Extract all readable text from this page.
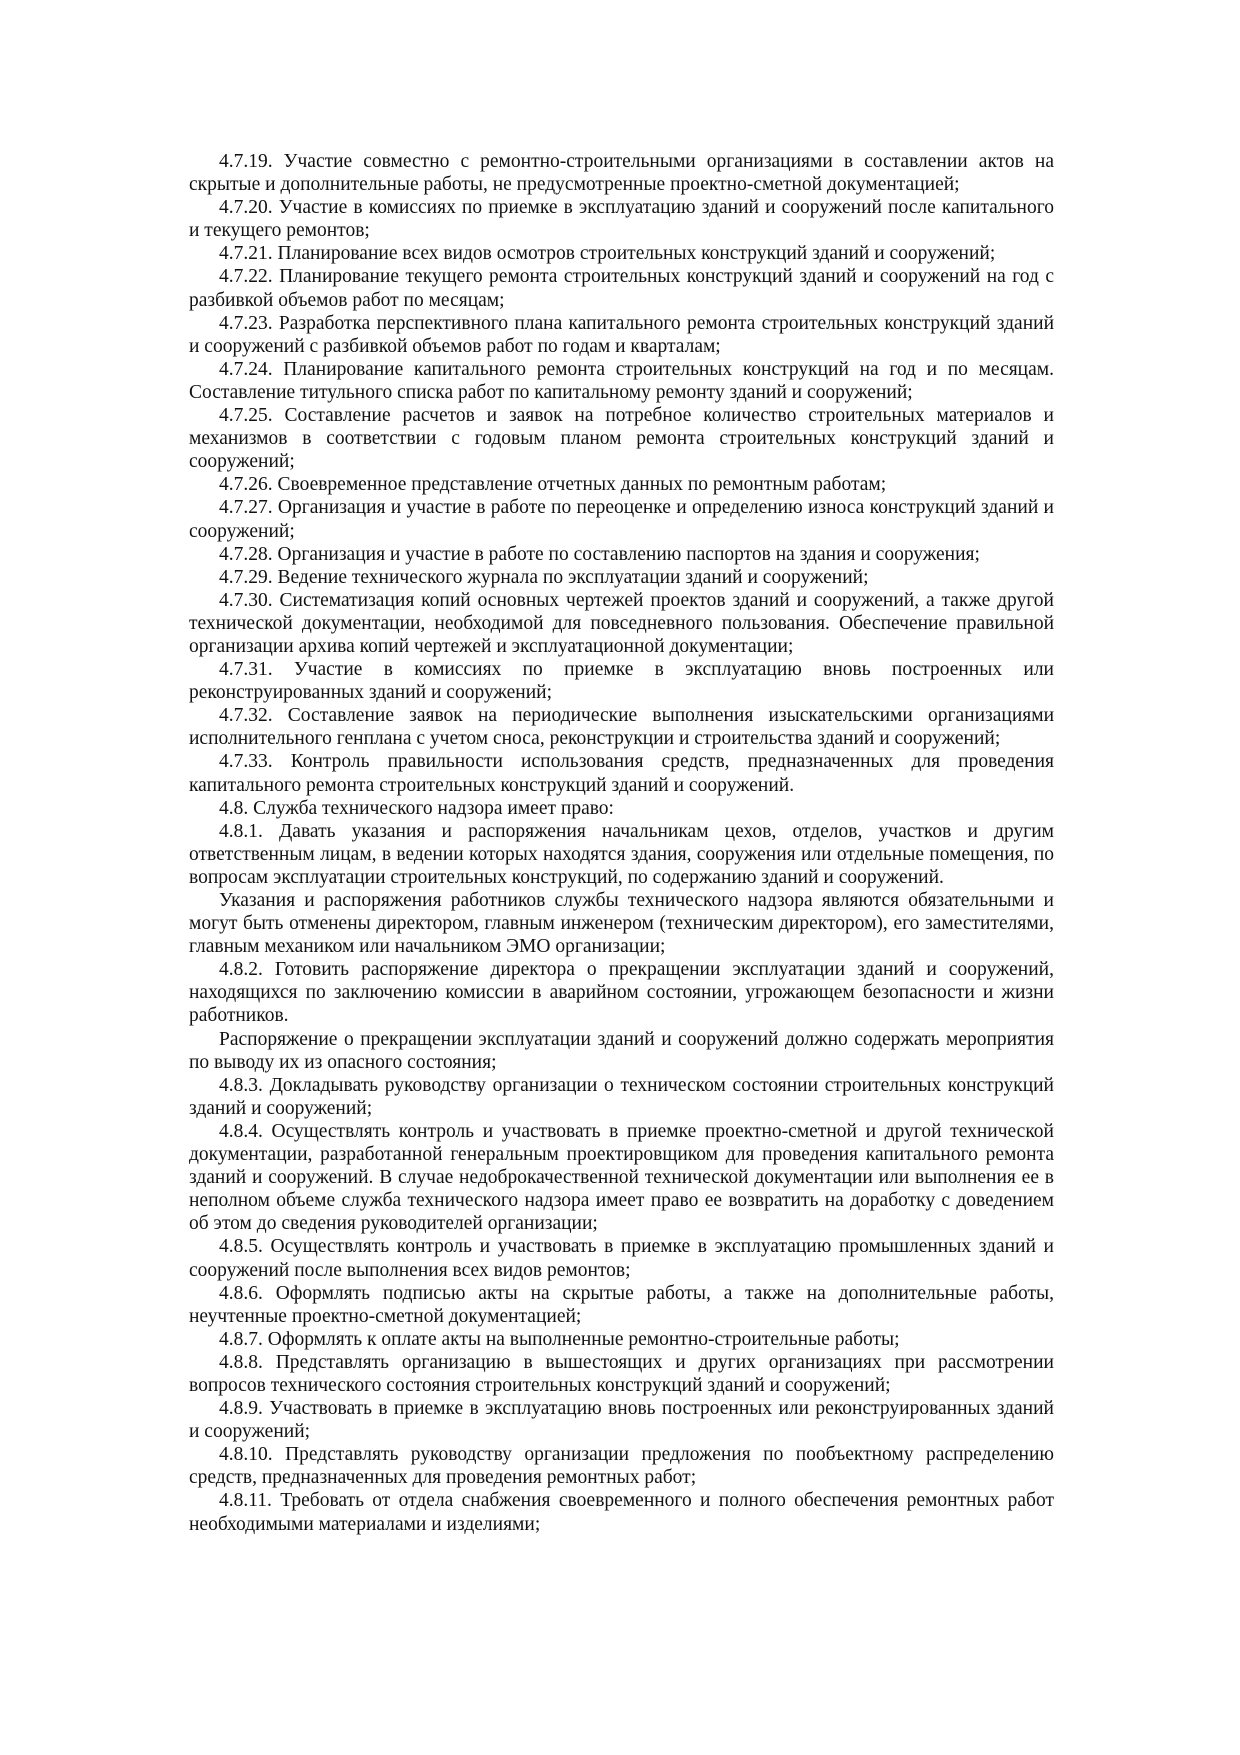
4.7.19. Участие совместно с ремонтно-строительными организациями в составлении актов на скрытые и дополнительные работы, не предусмотренные проектно-сметной документацией;

4.7.20. Участие в комиссиях по приемке в эксплуатацию зданий и сооружений после капитального и текущего ремонтов;

4.7.21. Планирование всех видов осмотров строительных конструкций зданий и сооружений;

4.7.22. Планирование текущего ремонта строительных конструкций зданий и сооружений на год с разбивкой объемов работ по месяцам;

4.7.23. Разработка перспективного плана капитального ремонта строительных конструкций зданий и сооружений с разбивкой объемов работ по годам и кварталам;

4.7.24. Планирование капитального ремонта строительных конструкций на год и по месяцам. Составление титульного списка работ по капитальному ремонту зданий и сооружений;

4.7.25. Составление расчетов и заявок на потребное количество строительных материалов и механизмов в соответствии с годовым планом ремонта строительных конструкций зданий и сооружений;

4.7.26. Своевременное представление отчетных данных по ремонтным работам;

4.7.27. Организация и участие в работе по переоценке и определению износа конструкций зданий и сооружений;

4.7.28. Организация и участие в работе по составлению паспортов на здания и сооружения;

4.7.29. Ведение технического журнала по эксплуатации зданий и сооружений;

4.7.30. Систематизация копий основных чертежей проектов зданий и сооружений, а также другой технической документации, необходимой для повседневного пользования. Обеспечение правильной организации архива копий чертежей и эксплуатационной документации;

4.7.31. Участие в комиссиях по приемке в эксплуатацию вновь построенных или реконструированных зданий и сооружений;

4.7.32. Составление заявок на периодические выполнения изыскательскими организациями исполнительного генплана с учетом сноса, реконструкции и строительства зданий и сооружений;

4.7.33. Контроль правильности использования средств, предназначенных для проведения капитального ремонта строительных конструкций зданий и сооружений.

4.8. Служба технического надзора имеет право:

4.8.1. Давать указания и распоряжения начальникам цехов, отделов, участков и другим ответственным лицам, в ведении которых находятся здания, сооружения или отдельные помещения, по вопросам эксплуатации строительных конструкций, по содержанию зданий и сооружений.

Указания и распоряжения работников службы технического надзора являются обязательными и могут быть отменены директором, главным инженером (техническим директором), его заместителями, главным механиком или начальником ЭМО организации;

4.8.2. Готовить распоряжение директора о прекращении эксплуатации зданий и сооружений, находящихся по заключению комиссии в аварийном состоянии, угрожающем безопасности и жизни работников.

Распоряжение о прекращении эксплуатации зданий и сооружений должно содержать мероприятия по выводу их из опасного состояния;

4.8.3. Докладывать руководству организации о техническом состоянии строительных конструкций зданий и сооружений;

4.8.4. Осуществлять контроль и участвовать в приемке проектно-сметной и другой технической документации, разработанной генеральным проектировщиком для проведения капитального ремонта зданий и сооружений. В случае недоброкачественной технической документации или выполнения ее в неполном объеме служба технического надзора имеет право ее возвратить на доработку с доведением об этом до сведения руководителей организации;

4.8.5. Осуществлять контроль и участвовать в приемке в эксплуатацию промышленных зданий и сооружений после выполнения всех видов ремонтов;

4.8.6. Оформлять подписью акты на скрытые работы, а также на дополнительные работы, неучтенные проектно-сметной документацией;

4.8.7. Оформлять к оплате акты на выполненные ремонтно-строительные работы;

4.8.8. Представлять организацию в вышестоящих и других организациях при рассмотрении вопросов технического состояния строительных конструкций зданий и сооружений;

4.8.9. Участвовать в приемке в эксплуатацию вновь построенных или реконструированных зданий и сооружений;

4.8.10. Представлять руководству организации предложения по пообъектному распределению средств, предназначенных для проведения ремонтных работ;

4.8.11. Требовать от отдела снабжения своевременного и полного обеспечения ремонтных работ необходимыми материалами и изделиями;
